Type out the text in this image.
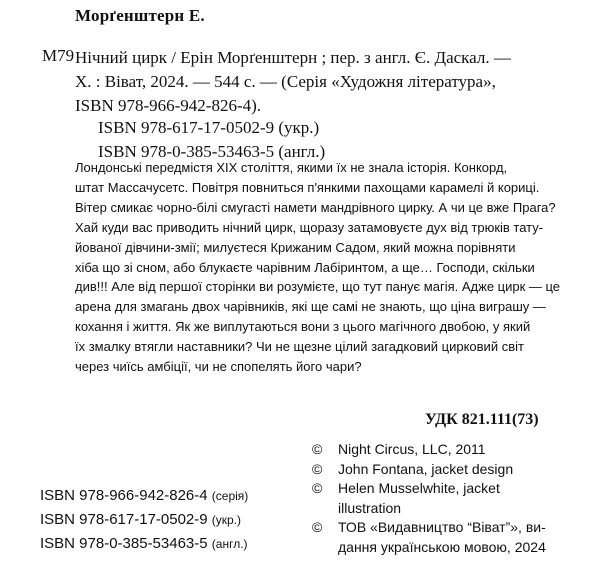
Морґенштерн Е.
М79 Нічний цирк / Ерін Морґенштерн ; пер. з англ. Є. Даскал. —
Х. : Віват, 2024. — 544 с. — (Серія «Художня література»,
ISBN 978-966-942-826-4).
ISBN 978-617-17-0502-9 (укр.)
ISBN 978-0-385-53463-5 (англ.)
Лондонські передмістя XIX століття, якими їх не знала історія. Конкорд,
штат Массачусетс. Повітря повниться п'янкими пахощами карамелі й кориці.
Вітер смикає чорно-білі смугасті намети мандрівного цирку. А чи це вже Прага?
Хай куди вас приводить нічний цирк, щоразу затамовуєте дух від трюків тату-
йованої дівчини-змії; милуєтеся Крижаним Садом, який можна порівняти
хіба що зі сном, або блукаєте чарівним Лабіринтом, а ще… Господи, скільки
див!!! Але від першої сторінки ви розумієте, що тут панує магія. Адже цирк — це
арена для змагань двох чарівників, які ще самі не знають, що ціна виграшу —
кохання і життя. Як же виплутаються вони з цього магічного двобою, у який
їх змалку втягли наставники? Чи не щезне цілий загадковий цирковий світ
через чиїсь амбіції, чи не спопелять його чари?
УДК 821.111(73)
©	Night Circus, LLC, 2011
©	John Fontana, jacket design
©	Helen Musselwhite, jacket
illustration
©	ТОВ «Видавництво “Віват”», ви-
дання українською мовою, 2024
ISBN 978-966-942-826-4 (серія)
ISBN 978-617-17-0502-9 (укр.)
ISBN 978-0-385-53463-5 (англ.)
